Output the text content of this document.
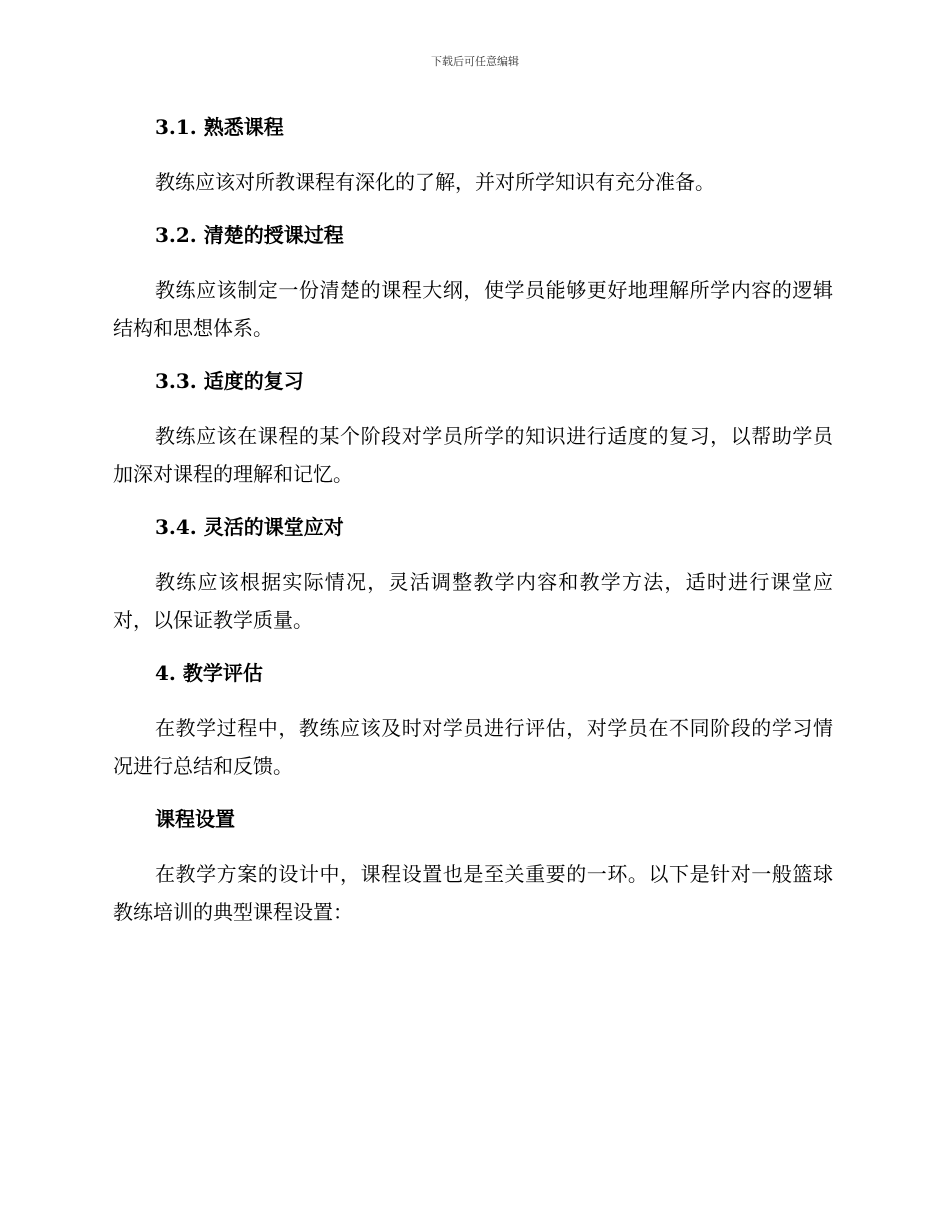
下载后可任意编辑
3.1. 熟悉课程

教练应该对所教课程有深化的了解，并对所学知识有充分准备。

3.2. 清楚的授课过程

教练应该制定一份清楚的课程大纲，使学员能够更好地理解所学内容的逻辑结构和思想体系。

3.3. 适度的复习

教练应该在课程的某个阶段对学员所学的知识进行适度的复习，以帮助学员加深对课程的理解和记忆。

3.4. 灵活的课堂应对

教练应该根据实际情况，灵活调整教学内容和教学方法，适时进行课堂应对，以保证教学质量。

4. 教学评估

在教学过程中，教练应该及时对学员进行评估，对学员在不同阶段的学习情况进行总结和反馈。

课程设置

在教学方案的设计中，课程设置也是至关重要的一环。以下是针对一般篮球教练培训的典型课程设置：
